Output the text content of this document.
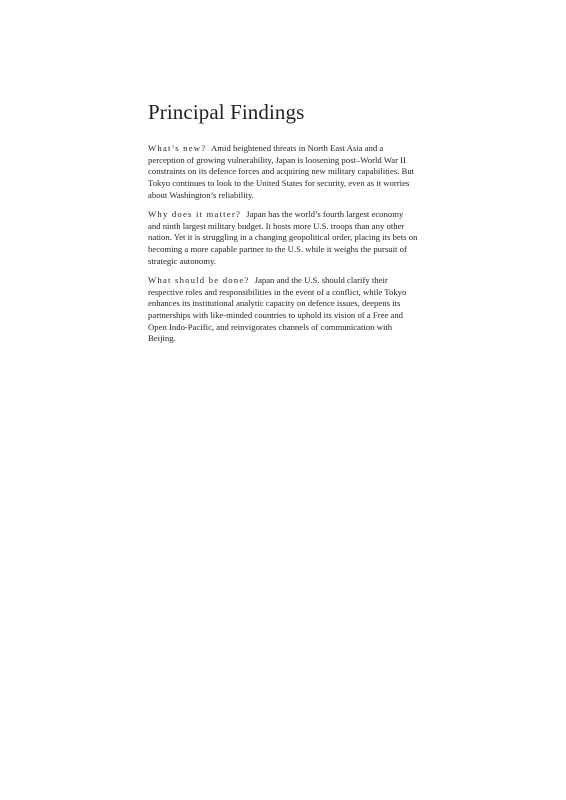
Principal Findings

What’s new? Amid heightened threats in North East Asia and a perception of growing vulnerability, Japan is loosening post–World War II constraints on its defence forces and acquiring new military capabilities. But Tokyo continues to look to the United States for security, even as it worries about Washington’s reliability.

Why does it matter? Japan has the world’s fourth largest economy and ninth largest military budget. It hosts more U.S. troops than any other nation. Yet it is struggling in a changing geopolitical order, placing its bets on becoming a more capable partner to the U.S. while it weighs the pursuit of strategic autonomy.

What should be done? Japan and the U.S. should clarify their respective roles and responsibilities in the event of a conflict, while Tokyo enhances its institutional analytic capacity on defence issues, deepens its partnerships with like-minded countries to uphold its vision of a Free and Open Indo-Pacific, and reinvigorates channels of communication with Beijing.
